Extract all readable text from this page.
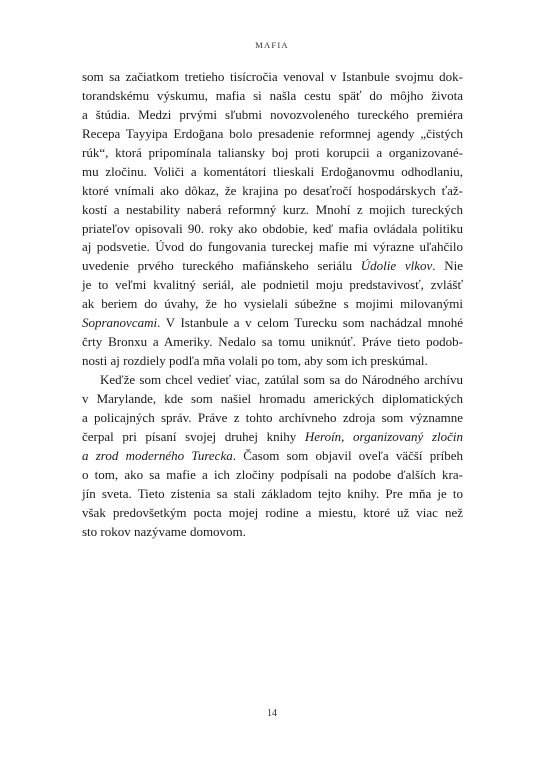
MAFIA
som sa začiatkom tretieho tisícročia venoval v Istanbule svojmu dok-
torandskému výskumu, mafia si našla cestu späť do môjho života
a štúdia. Medzi prvými sľubmi novozvoleného tureckého premiéra
Recepa Tayyipa Erdoğana bolo presadenie reformnej agendy „čistých
rúk“, ktorá pripomínala taliansky boj proti korupcii a organizované-
mu zločinu. Voliči a komentátori tlieskali Erdoğanovmu odhodlaniu,
ktoré vnímali ako dôkaz, že krajina po desaťročí hospodárskych ťaž-
kostí a nestability naberá reformný kurz. Mnohí z mojich tureckých
priateľov opisovali 90. roky ako obdobie, keď mafia ovládala politiku
aj podsvetie. Úvod do fungovania tureckej mafie mi výrazne uľahčilo
uvedenie prvého tureckého mafiánskeho seriálu Údolie vlkov. Nie
je to veľmi kvalitný seriál, ale podnietil moju predstavivosť, zvlášť
ak beriem do úvahy, že ho vysielali súbežne s mojimi milovanými
Sopranovcami. V Istanbule a v celom Turecku som nachádzal mnohé
črty Bronxu a Ameriky. Nedalo sa tomu uniknúť. Práve tieto podob-
nosti aj rozdiely podľa mňa volali po tom, aby som ich preskúmal.
Keďže som chcel vedieť viac, zatúlal som sa do Národného archívu
v Marylande, kde som našiel hromadu amerických diplomatických
a policajných správ. Práve z tohto archívneho zdroja som významne
čerpal pri písaní svojej druhej knihy Heroín, organizovaný zločin
a zrod moderného Turecka. Časom som objavil oveľa väčší príbeh
o tom, ako sa mafie a ich zločiny podpísali na podobe ďalších kra-
jín sveta. Tieto zistenia sa stali základom tejto knihy. Pre mňa je to
však predovšetkým pocta mojej rodine a miestu, ktoré už viac než
sto rokov nazývame domovom.
14
